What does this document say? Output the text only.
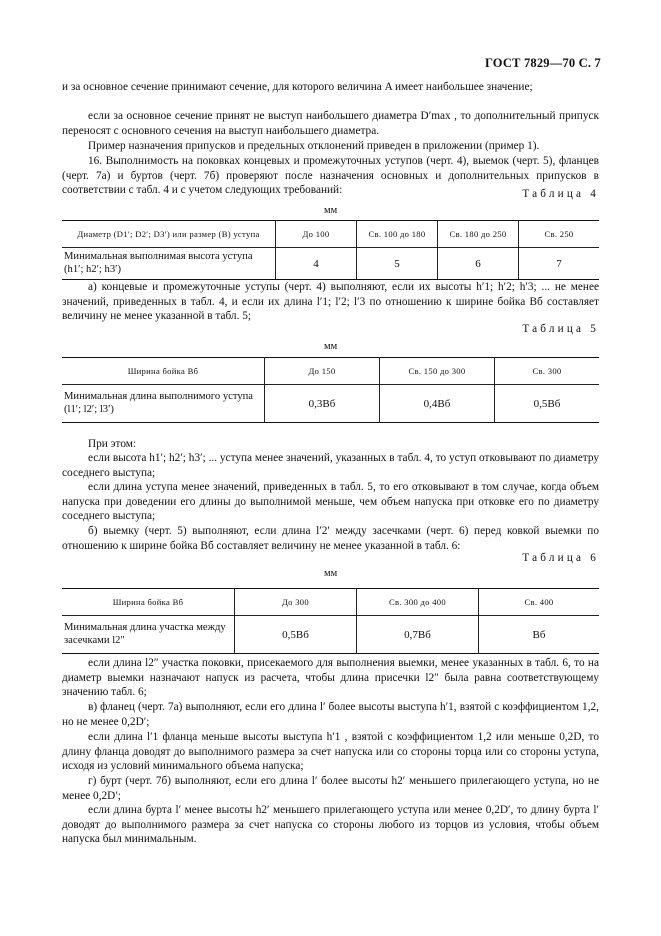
ГОСТ 7829—70 С. 7

и за основное сечение принимают сечение, для которого величина A имеет наибольшее значение;

если за основное сечение принят не выступ наибольшего диаметра D′max , то дополнительный припуск переносят с основного сечения на выступ наибольшего диаметра.

Пример назначения припусков и предельных отклонений приведен в приложении (пример 1).

16. Выполнимость на поковках концевых и промежуточных уступов (черт. 4), выемок (черт. 5), фланцев (черт. 7а) и буртов (черт. 7б) проверяют после назначения основных и дополнительных припусков в соответствии с табл. 4 и с учетом следующих требований:	Таблица 4
мм
Диаметр (D1′; D2′; D3′) или размер (B) уступа	До 100	Св. 100 до 180	Св. 180 до 250	Св. 250

Минимальная выполнимая высота уступа (h1′; h2′; h3′)	4	5	6	7

а) концевые и промежуточные уступы (черт. 4) выполняют, если их высоты h′1; h′2; h′3; ... не менее значений, приведенных в табл. 4, и если их длина l′1; l′2; l′3 по отношению к ширине бойка Bб составляет величину не менее указанной в табл. 5;

Таблица 5
мм
Ширина бойка Bб	До 150	Св. 150 до 300	Св. 300

Минимальная длина выполнимого уступа (l1′; l2′; l3′)	0,3Bб	0,4Bб	0,5Bб

При этом:

если высота h1′; h2′; h3′; ... уступа менее значений, указанных в табл. 4, то уступ отковывают по диаметру соседнего выступа;

если длина уступа менее значений, приведенных в табл. 5, то его отковывают в том случае, когда объем напуска при доведении его длины до выполнимой меньше, чем объем напуска при отковке его по диаметру соседнего выступа;

б) выемку (черт. 5) выполняют, если длина l′2′ между засечками (черт. 6) перед ковкой выемки по отношению к ширине бойка Bб составляет величину не менее указанной в табл. 6:

Таблица 6
мм
Ширина бойка Bб	До 300	Св. 300 до 400	Св. 400

Минимальная длина участка между засечками l2″	0,5Bб	0,7Bб	Bб

если длина l2″ участка поковки, присекаемого для выполнения выемки, менее указанных в табл. 6, то на диаметр выемки назначают напуск из расчета, чтобы длина присечки l2″ была равна соответствующему значению табл. 6;

в) фланец (черт. 7а) выполняют, если его длина l′ более высоты выступа h′1, взятой с коэффициентом 1,2, но не менее 0,2D′;

если длина l′1 фланца меньше высоты выступа h′1 , взятой с коэффициентом 1,2 или меньше 0,2D, то длину фланца доводят до выполнимого размера за счет напуска или со стороны торца или со стороны уступа, исходя из условий минимального объема напуска;

г) бурт (черт. 7б) выполняют, если его длина l′ более высоты h2′ меньшего прилегающего уступа, но не менее 0,2D′;

если длина бурта l′ менее высоты h2′ меньшего прилегающего уступа или менее 0,2D′, то длину бурта l′ доводят до выполнимого размера за счет напуска со стороны любого из торцов из условия, чтобы объем напуска был минимальным.
